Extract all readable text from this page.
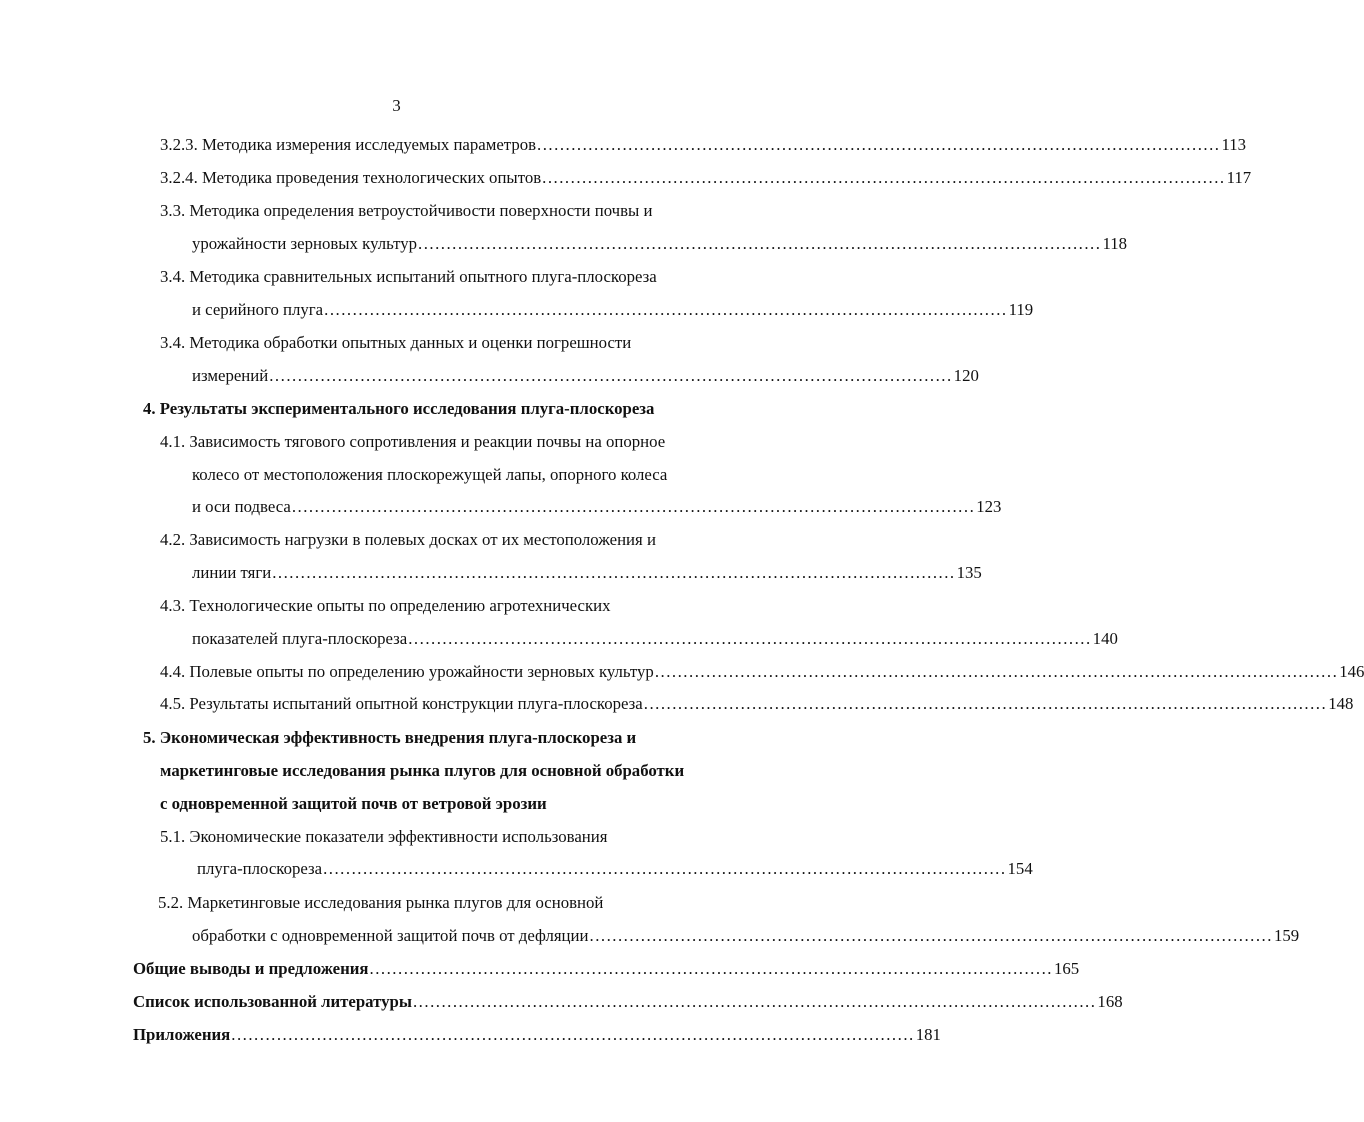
3
3.2.3. Методика измерения исследуемых параметров ........................................................................................................................ 113
3.2.4. Методика проведения технологических опытов ........................................................................................................................ 117
3.3. Методика определения ветроустойчивости поверхности почвы и
урожайности зерновых культур ........................................................................................................................ 118
3.4. Методика сравнительных испытаний опытного плуга-плоскореза
и серийного плуга ........................................................................................................................ 119
3.4. Методика обработки опытных данных и оценки погрешности
измерений ........................................................................................................................ 120
4. Результаты экспериментального исследования плуга-плоскореза
4.1. Зависимость тягового сопротивления и реакции почвы на опорное
колесо от местоположения плоскорежущей лапы, опорного колеса
и оси подвеса ........................................................................................................................ 123
4.2. Зависимость нагрузки в полевых досках от их местоположения и
линии тяги ........................................................................................................................ 135
4.3. Технологические опыты по определению агротехнических
показателей плуга-плоскореза ........................................................................................................................ 140
4.4. Полевые опыты по определению урожайности зерновых культур ........................................................................................................................ 146
4.5. Результаты испытаний опытной конструкции плуга-плоскореза ........................................................................................................................ 148
5. Экономическая эффективность внедрения плуга-плоскореза и
маркетинговые исследования рынка плугов для основной обработки
с одновременной защитой почв от ветровой эрозии
5.1. Экономические показатели эффективности использования
плуга-плоскореза ........................................................................................................................ 154
5.2. Маркетинговые исследования рынка плугов для основной
обработки с одновременной защитой почв от дефляции ........................................................................................................................ 159
Общие выводы и предложения ........................................................................................................................ 165
Список использованной литературы ........................................................................................................................ 168
Приложения ........................................................................................................................ 181
